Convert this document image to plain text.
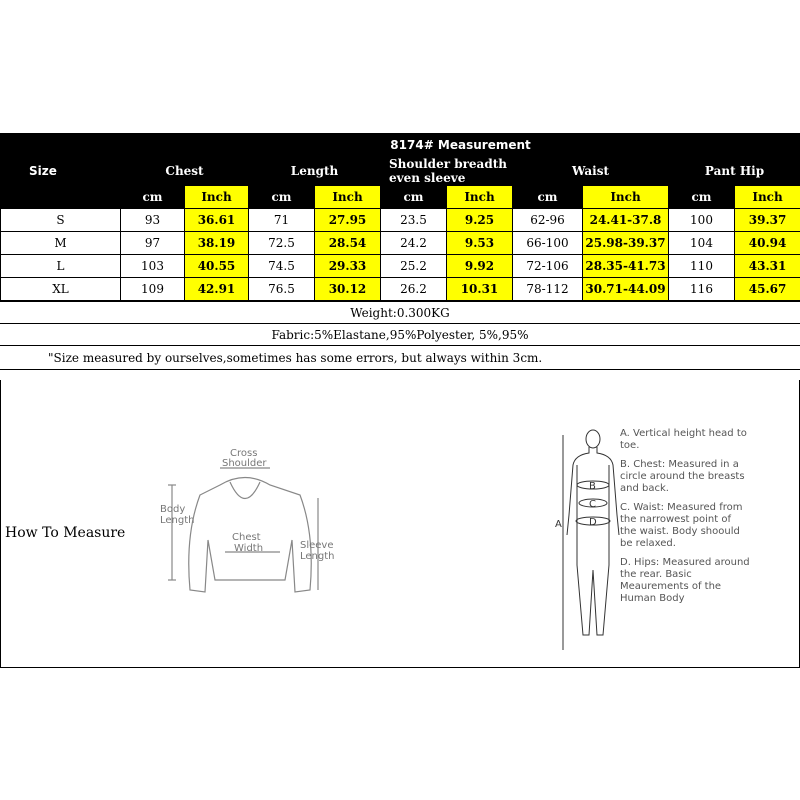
Size	8174# Measurement									
	Chest		Length		Shoulder breadth even sleeve		Waist		Pant Hip	
	cm	Inch	cm	Inch	cm	Inch	cm	Inch	cm	Inch
S	93	36.61	71	27.95	23.5	9.25	62-96	24.41-37.8	100	39.37
M	97	38.19	72.5	28.54	24.2	9.53	66-100	25.98-39.37	104	40.94
L	103	40.55	74.5	29.33	25.2	9.92	72-106	28.35-41.73	110	43.31
XL	109	42.91	76.5	30.12	26.2	10.31	78-112	30.71-44.09	116	45.67
Weight:0.300KG
Fabric:5%Elastane,95%Polyester, 5%,95%
"Size measured by ourselves,sometimes has some errors, but always within 3cm.
How To Measure
Cross
Shoulder
Body
Length
Chest
Width	Sleeve
Length
A
B
C
D

A. Vertical height head to toe.

B. Chest: Measured in a circle around the breasts and back.

C. Waist: Measured from the narrowest point of the waist. Body shoould be relaxed.

D. Hips: Measured around the rear. Basic Meaurements of the Human Body
